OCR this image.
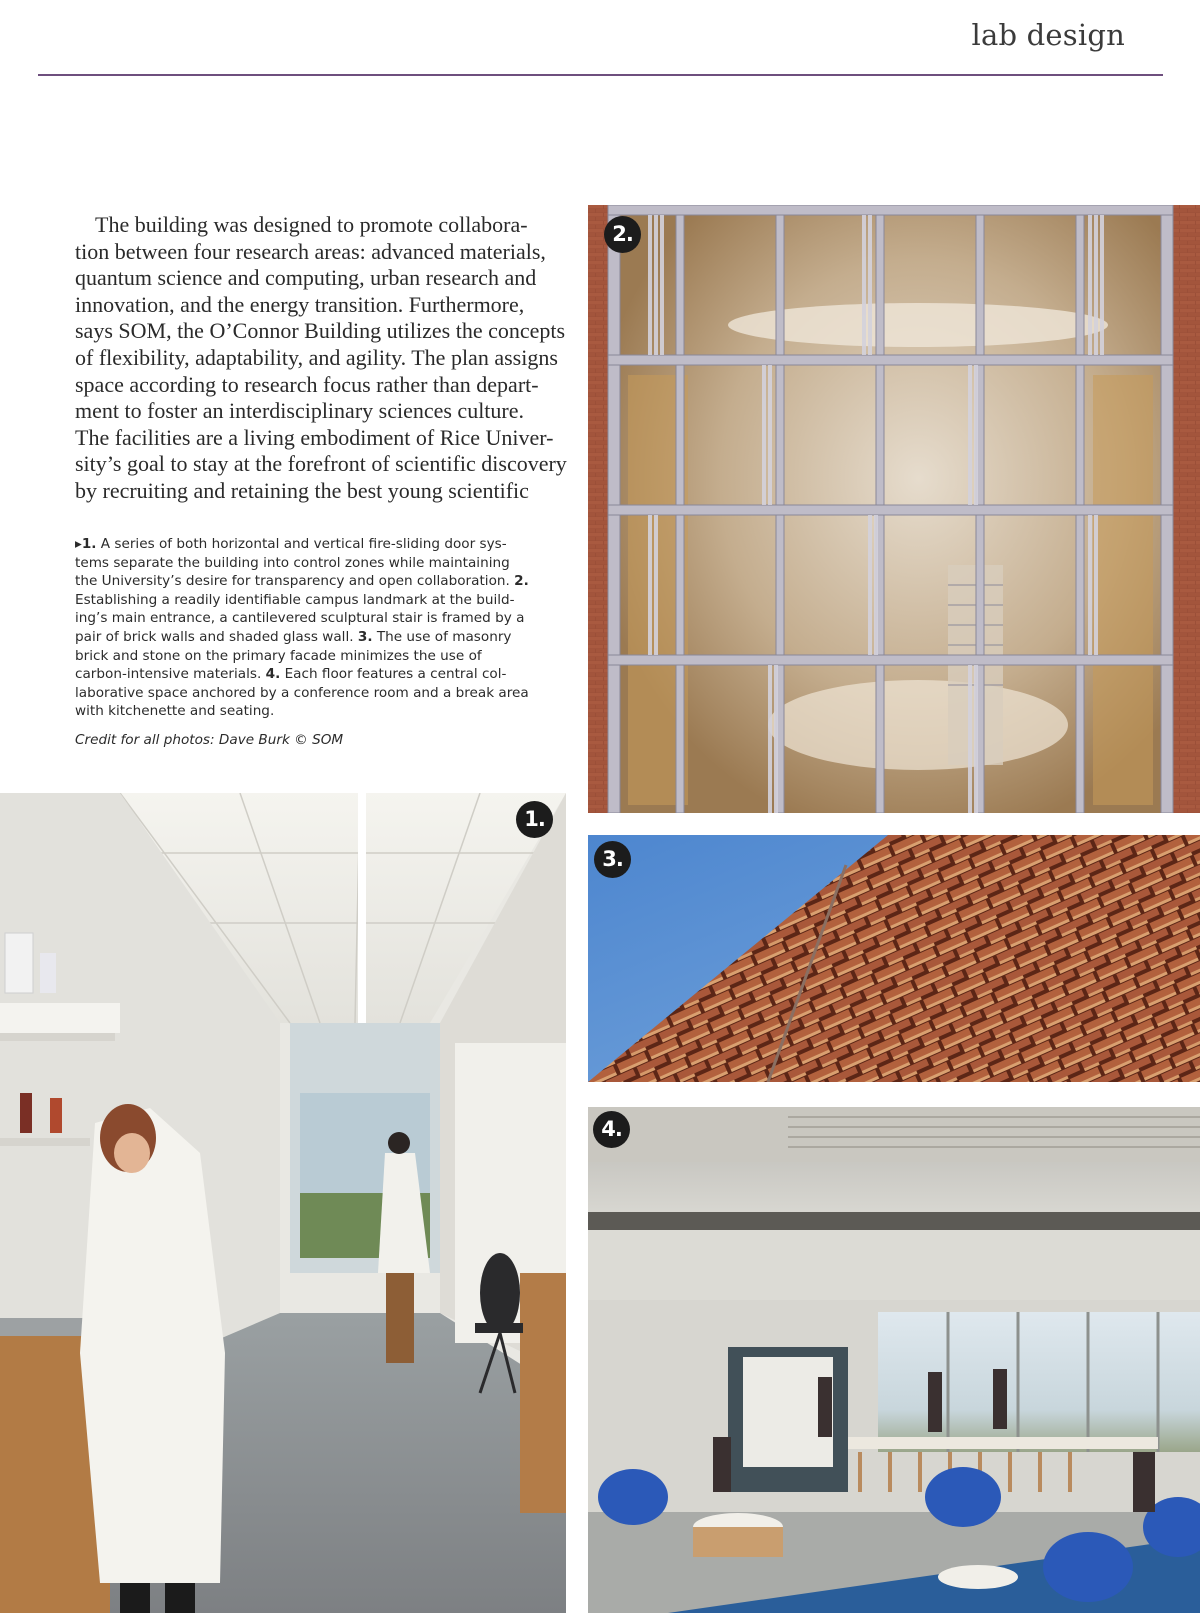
lab design
The building was designed to promote collabora-
tion between four research areas: advanced materials,
quantum science and computing, urban research and
innovation, and the energy transition. Furthermore,
says SOM, the O’Connor Building utilizes the concepts
of flexibility, adaptability, and agility. The plan assigns
space according to research focus rather than depart-
ment to foster an interdisciplinary sciences culture.
The facilities are a living embodiment of Rice Univer-
sity’s goal to stay at the forefront of scientific discovery
by recruiting and retaining the best young scientific
▸1. A series of both horizontal and vertical fire-sliding door sys-
tems separate the building into control zones while maintaining
the University’s desire for transparency and open collaboration. 2.
Establishing a readily identifiable campus landmark at the build-
ing’s main entrance, a cantilevered sculptural stair is framed by a
pair of brick walls and shaded glass wall. 3. The use of masonry
brick and stone on the primary facade minimizes the use of
carbon-intensive materials. 4. Each floor features a central col-
laborative space anchored by a conference room and a break area
with kitchenette and seating.
Credit for all photos: Dave Burk © SOM
2.
3.
4.
1.
